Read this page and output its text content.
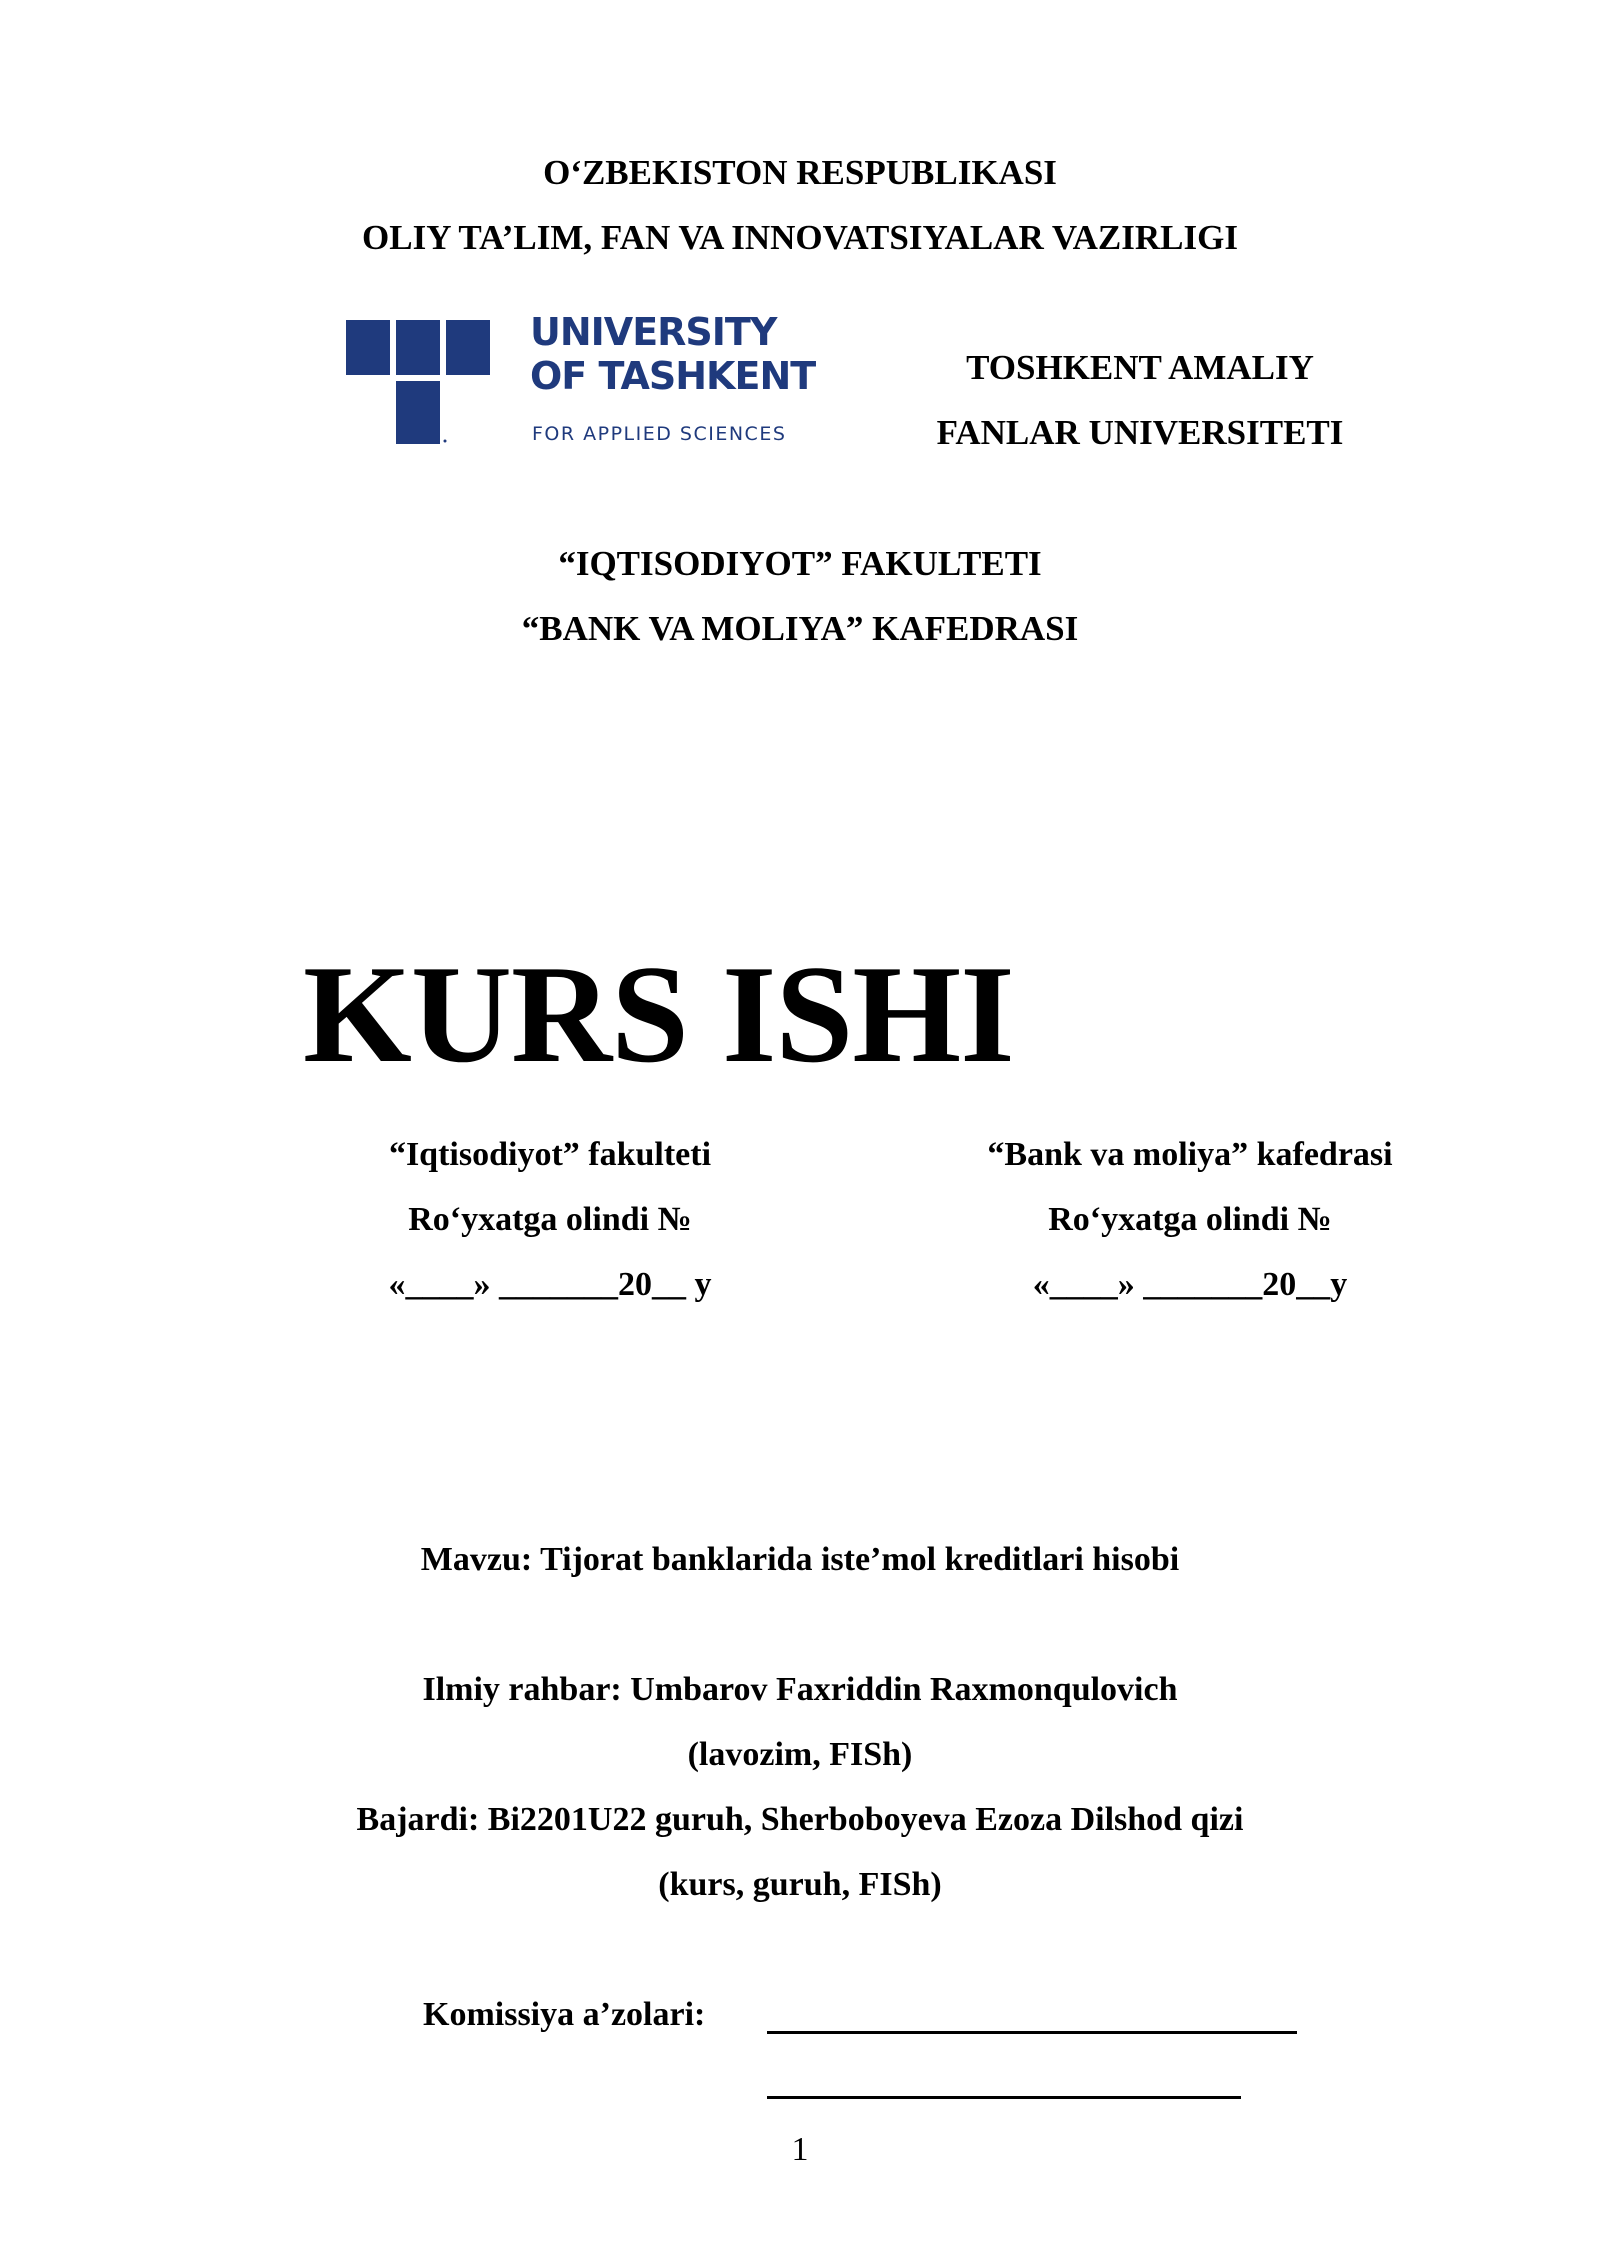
O‘ZBEKISTON RESPUBLIKASI
OLIY TA’LIM, FAN VA INNOVATSIYALAR VAZIRLIGI
UNIVERSITY
OF TASHKENT
FOR APPLIED SCIENCES
TOSHKENT AMALIY
FANLAR UNIVERSITETI
“IQTISODIYOT” FAKULTETI
“BANK VA MOLIYA” KAFEDRASI
KURS ISHI
“Iqtisodiyot” fakulteti
Ro‘yxatga olindi №
«____» _______20__ y
“Bank va moliya” kafedrasi
Ro‘yxatga olindi №
«____» _______20__y
Mavzu: Tijorat banklarida iste’mol kreditlari hisobi
Ilmiy rahbar: Umbarov Faxriddin Raxmonqulovich
(lavozim, FISh)
Bajardi: Bi2201U22 guruh, Sherboboyeva Ezoza Dilshod qizi
(kurs, guruh, FISh)
Komissiya a’zolari:
1
